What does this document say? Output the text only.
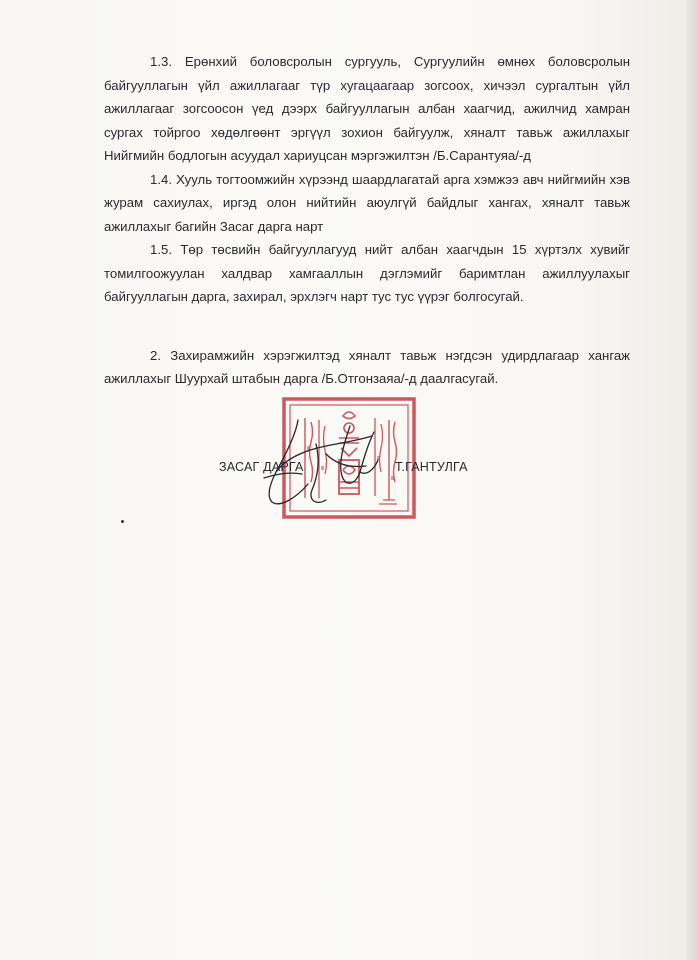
1.3. Ерөнхий боловсролын сургууль, Сургуулийн өмнөх боловсролын байгууллагын үйл ажиллагааг түр хугацаагаар зогсоох, хичээл сургалтын үйл ажиллагааг зогсоосон үед дээрх байгууллагын албан хаагчид, ажилчид хамран сургах тойргоо хөдөлгөөнт эргүүл зохион байгуулж, хяналт тавьж ажиллахыг Нийгмийн бодлогын асуудал хариуцсан мэргэжилтэн /Б.Сарантуяа/-д

1.4. Хууль тогтоомжийн хүрээнд шаардлагатай арга хэмжээ авч нийгмийн хэв журам сахиулах, иргэд олон нийтийн аюулгүй байдлыг хангах, хяналт тавьж ажиллахыг багийн Засаг дарга нарт

1.5. Төр төсвийн байгууллагууд нийт албан хаагчдын 15 хүртэлх хувийг томилгоожуулан халдвар хамгааллын дэглэмийг баримтлан ажиллуулахыг байгууллагын дарга, захирал, эрхлэгч нарт тус тус үүрэг болгосугай.

2. Захирамжийн хэрэгжилтэд хяналт тавьж нэгдсэн удирдлагаар хангаж ажиллахыг Шуурхай штабын дарга /Б.Отгонзаяа/-д даалгасугай.

ЗАСАГ ДАРГА	Т.ГАНТУЛГА
